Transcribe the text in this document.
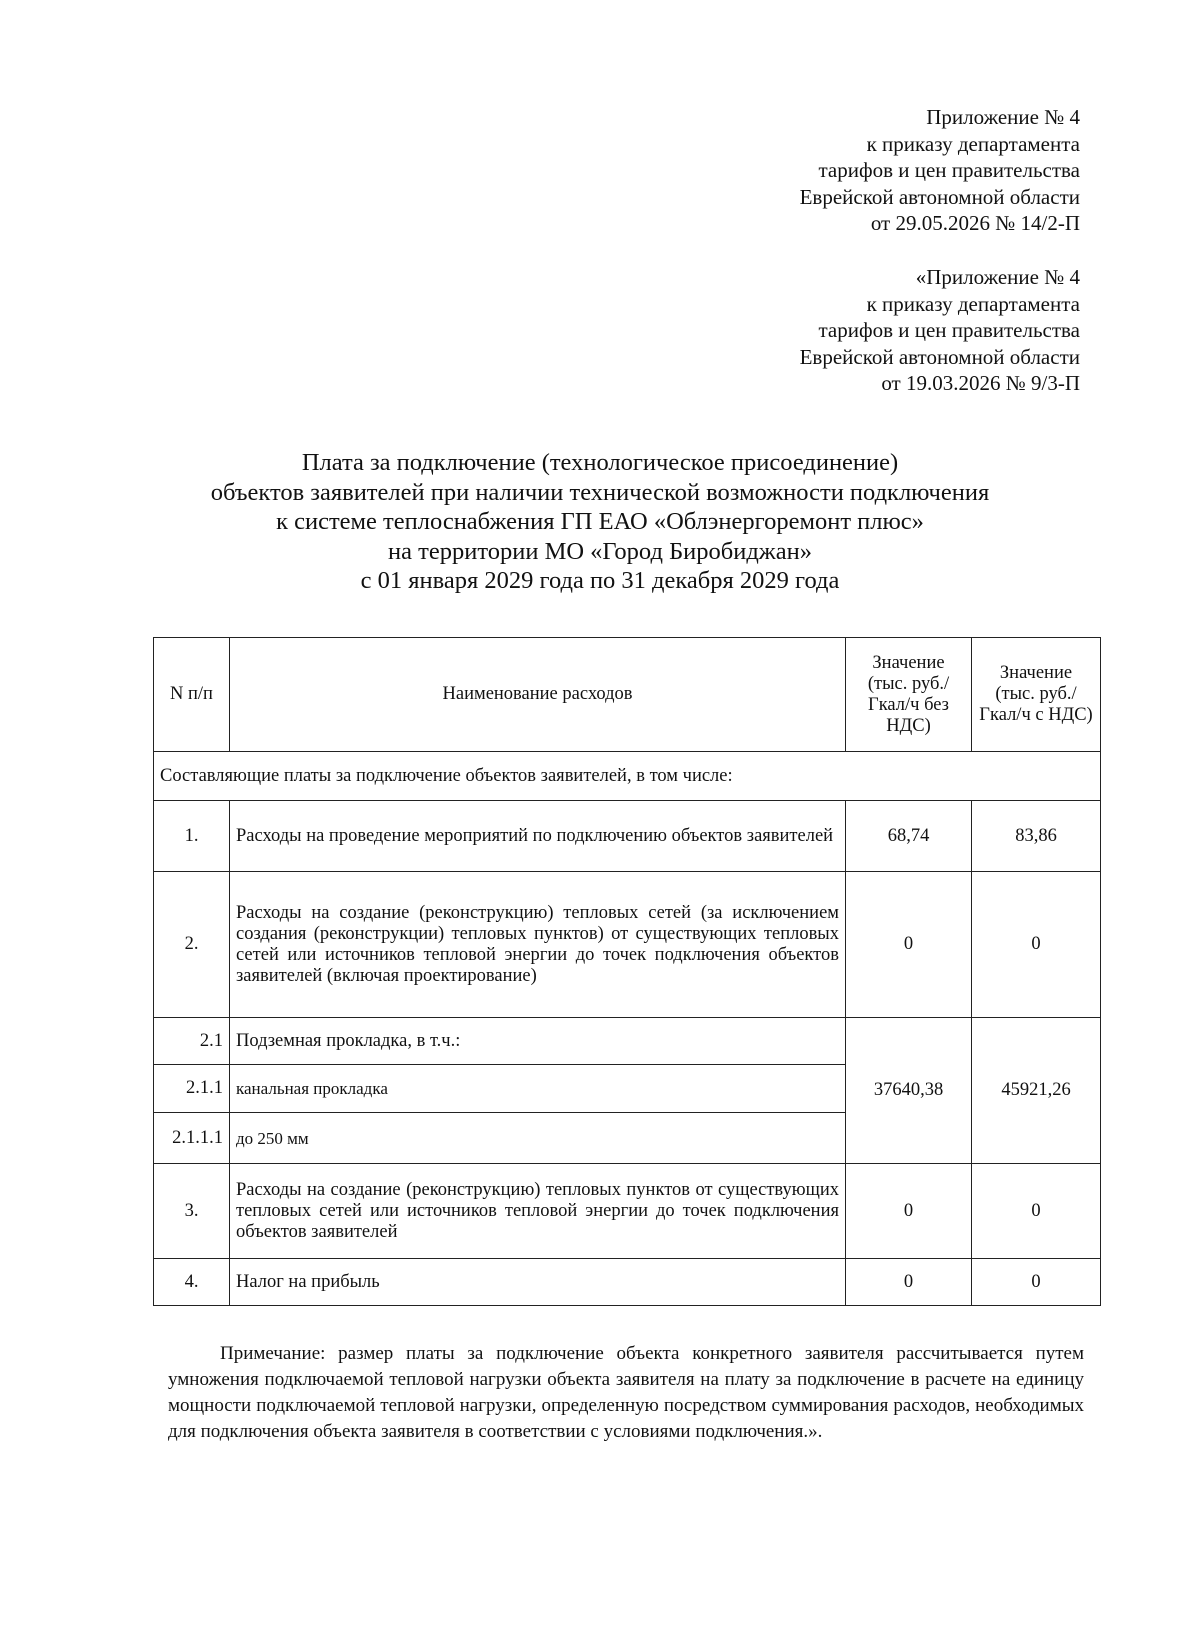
Приложение № 4
к приказу департамента
тарифов и цен правительства
Еврейской автономной области
от 29.05.2026 № 14/2-П
«Приложение № 4
к приказу департамента
тарифов и цен правительства
Еврейской автономной области
от 19.03.2026 № 9/3-П
Плата за подключение (технологическое присоединение)
объектов заявителей при наличии технической возможности подключения
к системе теплоснабжения ГП ЕАО «Облэнергоремонт плюс»
на территории МО «Город Биробиджан»
с 01 января 2029 года по 31 декабря 2029 года
N п/п	Наименование расходов	Значение (тыс. руб./ Гкал/ч без НДС)	Значение (тыс. руб./ Гкал/ч с НДС)
Составляющие платы за подключение объектов заявителей, в том числе:			
1.	Расходы на проведение мероприятий по подключению объектов заявителей	68,74	83,86
2.	Расходы на создание (реконструкцию) тепловых сетей (за исключением создания (реконструкции) тепловых пунктов) от существующих тепловых сетей или источников тепловой энергии до точек подключения объектов заявителей (включая проектирование)	0	0
2.1	Подземная прокладка, в т.ч.:	37640,38	45921,26
2.1.1	канальная прокладка		
2.1.1.1	до 250 мм		
3.	Расходы на создание (реконструкцию) тепловых пунктов от существующих тепловых сетей или источников тепловой энергии до точек подключения объектов заявителей	0	0
4.	Налог на прибыль	0	0

Примечание: размер платы за подключение объекта конкретного заявителя рассчитывается путем умножения подключаемой тепловой нагрузки объекта заявителя на плату за подключение в расчете на единицу мощности подключаемой тепловой нагрузки, определенную посредством суммирования расходов, необходимых для подключения объекта заявителя в соответствии с условиями подключения.».
